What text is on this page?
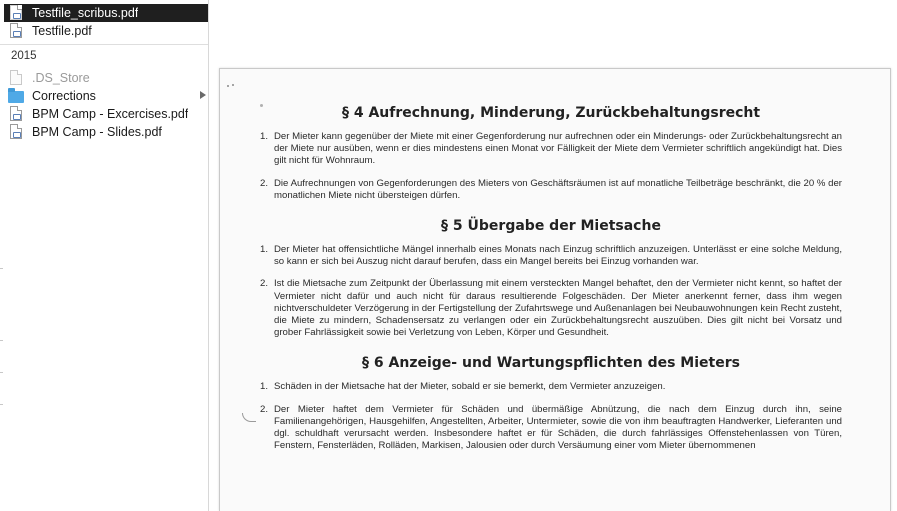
Testfile_scribus.pdf
Testfile.pdf
2015
.DS_Store
Corrections
BPM Camp - Excercises.pdf
BPM Camp - Slides.pdf
§ 4 Aufrechnung, Minderung, Zurückbehaltungsrecht
1. Der Mieter kann gegenüber der Miete mit einer Gegenforderung nur aufrechnen oder ein Minderungs- oder Zurückbehaltungsrecht an der Miete nur ausüben, wenn er dies mindestens einen Monat vor Fälligkeit der Miete dem Vermieter schriftlich angekündigt hat. Dies gilt nicht für Wohnraum.
2. Die Aufrechnungen von Gegenforderungen des Mieters von Geschäftsräumen ist auf monatliche Teilbeträge beschränkt, die 20 % der monatlichen Miete nicht übersteigen dürfen.
§ 5 Übergabe der Mietsache
1. Der Mieter hat offensichtliche Mängel innerhalb eines Monats nach Einzug schriftlich anzuzeigen. Unterlässt er eine solche Meldung, so kann er sich bei Auszug nicht darauf berufen, dass ein Mangel bereits bei Einzug vorhanden war.
2. Ist die Mietsache zum Zeitpunkt der Überlassung mit einem versteckten Mangel behaftet, den der Vermieter nicht kennt, so haftet der Vermieter nicht dafür und auch nicht für daraus resultierende Folgeschäden. Der Mieter anerkennt ferner, dass ihm wegen nichtverschuldeter Verzögerung in der Fertigstellung der Zufahrtswege und Außenanlagen bei Neubauwohnungen kein Recht zusteht, die Miete zu mindern, Schadensersatz zu verlangen oder ein Zurückbehaltungsrecht auszuüben. Dies gilt nicht bei Vorsatz und grober Fahrlässigkeit sowie bei Verletzung von Leben, Körper und Gesundheit.
§ 6 Anzeige- und Wartungspflichten des Mieters
1. Schäden in der Mietsache hat der Mieter, sobald er sie bemerkt, dem Vermieter anzuzeigen.
2. Der Mieter haftet dem Vermieter für Schäden und übermäßige Abnützung, die nach dem Einzug durch ihn, seine Familienangehörigen, Hausgehilfen, Angestellten, Arbeiter, Untermieter, sowie die von ihm beauftragten Handwerker, Lieferanten und dgl. schuldhaft verursacht werden. Insbesondere haftet er für Schäden, die durch fahrlässiges Offenstehenlassen von Türen, Fenstern, Fensterläden, Rolläden, Markisen, Jalousien oder durch Versäumung einer vom Mieter übernommenen
